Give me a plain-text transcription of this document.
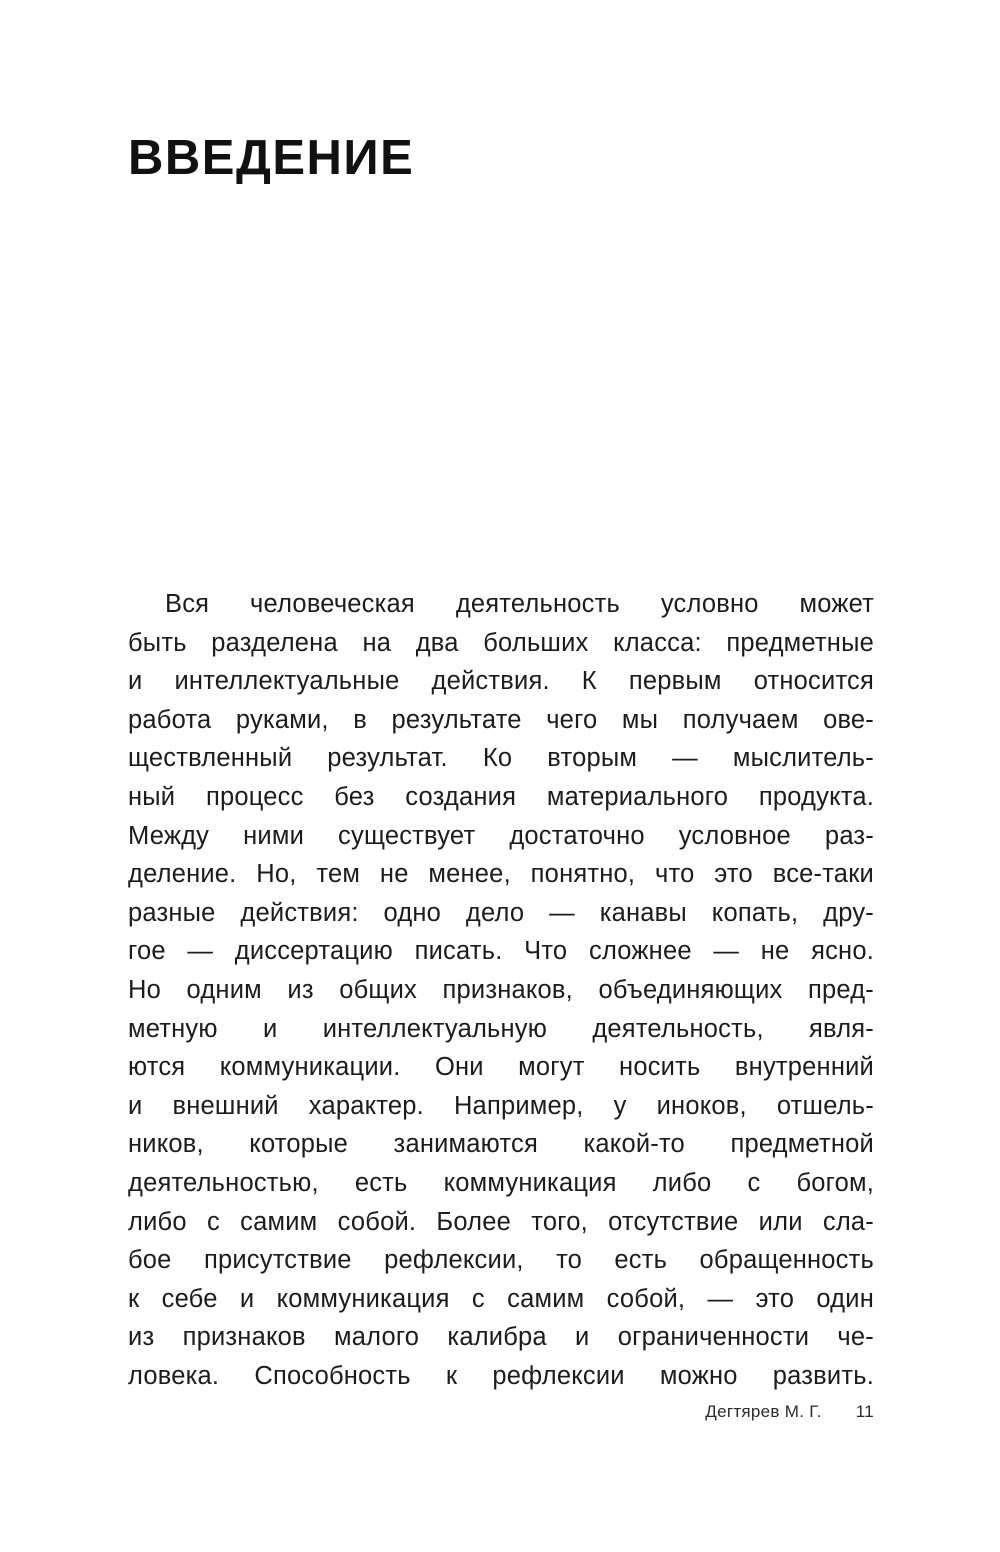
ВВЕДЕНИЕ
Вся человеческая деятельность условно может
быть разделена на два больших класса: предметные
и интеллектуальные действия. К первым относится
работа руками, в результате чего мы получаем ове-
ществленный результат. Ко вторым — мыслитель-
ный процесс без создания материального продукта.
Между ними существует достаточно условное раз-
деление. Но, тем не менее, понятно, что это все-таки
разные действия: одно дело — канавы копать, дру-
гое — диссертацию писать. Что сложнее — не ясно.
Но одним из общих признаков, объединяющих пред-
метную и интеллектуальную деятельность, явля-
ются коммуникации. Они могут носить внутренний
и внешний характер. Например, у иноков, отшель-
ников, которые занимаются какой-то предметной
деятельностью, есть коммуникация либо с богом,
либо с самим собой. Более того, отсутствие или сла-
бое присутствие рефлексии, то есть обращенность
к себе и коммуникация с самим собой, — это один
из признаков малого калибра и ограниченности че-
ловека. Способность к рефлексии можно развить.
Дегтярев М. Г. 11
